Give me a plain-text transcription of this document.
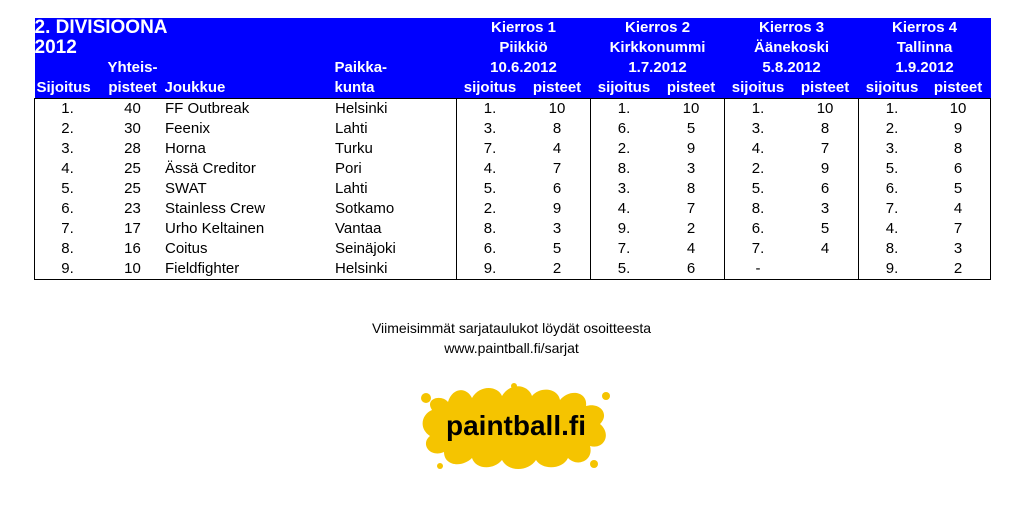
2. DIVISIOONA				Kierros 1		Kierros 2		Kierros 3		Kierros 4	
2012				Piikkiö		Kirkkonummi		Äänekoski		Tallinna	
	Yhteis-		Paikka-	10.6.2012		1.7.2012		5.8.2012		1.9.2012	
Sijoitus	pisteet	Joukkue	kunta	sijoitus	pisteet	sijoitus	pisteet	sijoitus	pisteet	sijoitus	pisteet
1.	40	FF Outbreak	Helsinki	1.	10	1.	10	1.	10	1.	10
2.	30	Feenix	Lahti	3.	8	6.	5	3.	8	2.	9
3.	28	Horna	Turku	7.	4	2.	9	4.	7	3.	8
4.	25	Ässä Creditor	Pori	4.	7	8.	3	2.	9	5.	6
5.	25	SWAT	Lahti	5.	6	3.	8	5.	6	6.	5
6.	23	Stainless Crew	Sotkamo	2.	9	4.	7	8.	3	7.	4
7.	17	Urho Keltainen	Vantaa	8.	3	9.	2	6.	5	4.	7
8.	16	Coitus	Seinäjoki	6.	5	7.	4	7.	4	8.	3
9.	10	Fieldfighter	Helsinki	9.	2	5.	6	-		9.	2
Viimeisimmät sarjataulukot löydät osoitteesta
www.paintball.fi/sarjat
paintball.fi
